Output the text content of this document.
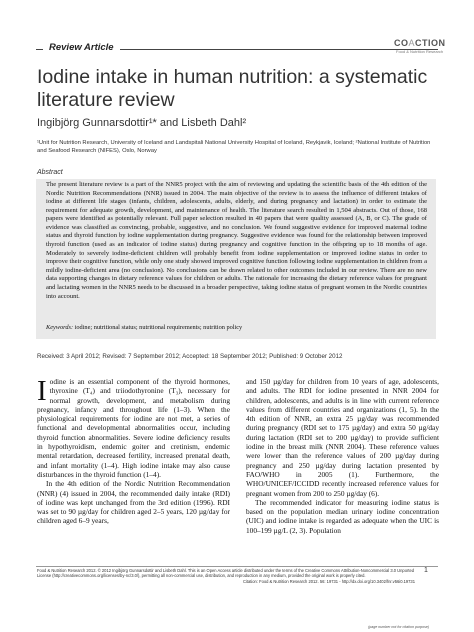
Review Article	COACTION
Food & Nutrition Research
Iodine intake in human nutrition: a systematic literature review
Ingibjörg Gunnarsdottir¹* and Lisbeth Dahl²
¹Unit for Nutrition Research, University of Iceland and Landspitali National University Hospital of Iceland, Reykjavik, Iceland; ²National Institute of Nutrition and Seafood Research (NIFES), Oslo, Norway
Abstract
The present literature review is a part of the NNR5 project with the aim of reviewing and updating the scientific basis of the 4th edition of the Nordic Nutrition Recommendations (NNR) issued in 2004. The main objective of the review is to assess the influence of different intakes of iodine at different life stages (infants, children, adolescents, adults, elderly, and during pregnancy and lactation) in order to estimate the requirement for adequate growth, development, and maintenance of health. The literature search resulted in 1,504 abstracts. Out of those, 168 papers were identified as potentially relevant. Full paper selection resulted in 40 papers that were quality assessed (A, B, or C). The grade of evidence was classified as convincing, probable, suggestive, and no conclusion. We found suggestive evidence for improved maternal iodine status and thyroid function by iodine supplementation during pregnancy. Suggestive evidence was found for the relationship between improved thyroid function (used as an indicator of iodine status) during pregnancy and cognitive function in the offspring up to 18 months of age. Moderately to severely iodine-deficient children will probably benefit from iodine supplementation or improved iodine status in order to improve their cognitive function, while only one study showed improved cognitive function following iodine supplementation in children from a mildly iodine-deficient area (no conclusion). No conclusions can be drawn related to other outcomes included in our review. There are no new data supporting changes in dietary reference values for children or adults. The rationale for increasing the dietary reference values for pregnant and lactating women in the NNR5 needs to be discussed in a broader perspective, taking iodine status of pregnant women in the Nordic countries into account.
Keywords: iodine; nutritional status; nutritional requirements; nutrition policy
Received: 3 April 2012; Revised: 7 September 2012; Accepted: 18 September 2012; Published: 9 October 2012
I odine is an essential component of the thyroid hormones, thyroxine (T₄) and triiodothyronine (T₃), necessary for normal growth, development, and metabolism during pregnancy, infancy and throughout life (1–3). When the physiological requirements for iodine are not met, a series of functional and developmental abnormalities occur, including thyroid function abnormalities. Severe iodine deficiency results in hypothyroidism, endemic goiter and cretinism, endemic mental retardation, decreased fertility, increased prenatal death, and infant mortality (1–4). High iodine intake may also cause disturbances in the thyroid function (1–4).

In the 4th edition of the Nordic Nutrition Recommendation (NNR) (4) issued in 2004, the recommended daily intake (RDI) of iodine was kept unchanged from the 3rd edition (1996). RDI was set to 90 µg/day for children aged 2–5 years, 120 µg/day for children aged 6–9 years,

and 150 µg/day for children from 10 years of age, adolescents, and adults. The RDI for iodine presented in NNR 2004 for children, adolescents, and adults is in line with current reference values from different countries and organizations (1, 5). In the 4th edition of NNR, an extra 25 µg/day was recommended during pregnancy (RDI set to 175 µg/day) and extra 50 µg/day during lactation (RDI set to 200 µg/day) to provide sufficient iodine in the breast milk (NNR 2004). These reference values were lower than the reference values of 200 µg/day during pregnancy and 250 µg/day during lactation presented by FAO/WHO in 2005 (1). Furthermore, the WHO/UNICEF/ICCIDD recently increased reference values for pregnant women from 200 to 250 µg/day (6).

The recommended indicator for measuring iodine status is based on the population median urinary iodine concentration (UIC) and iodine intake is regarded as adequate when the UIC is 100–199 µg/L (2, 3). Population

Food & Nutrition Research 2012. © 2012 Ingibjörg Gunnarsdottir and Lisbeth Dahl. This is an Open Access article distributed under the terms of the Creative Commons Attribution-Noncommercial 3.0 Unported License (http://creativecommons.org/licenses/by-nc/3.0/), permitting all non-commercial use, distribution, and reproduction in any medium, provided the original work is properly cited.
Citation: Food & Nutrition Research 2012. 56: 19731 - http://dx.doi.org/10.3402/fnr.v56i0.19731
1
(page number not for citation purpose)
